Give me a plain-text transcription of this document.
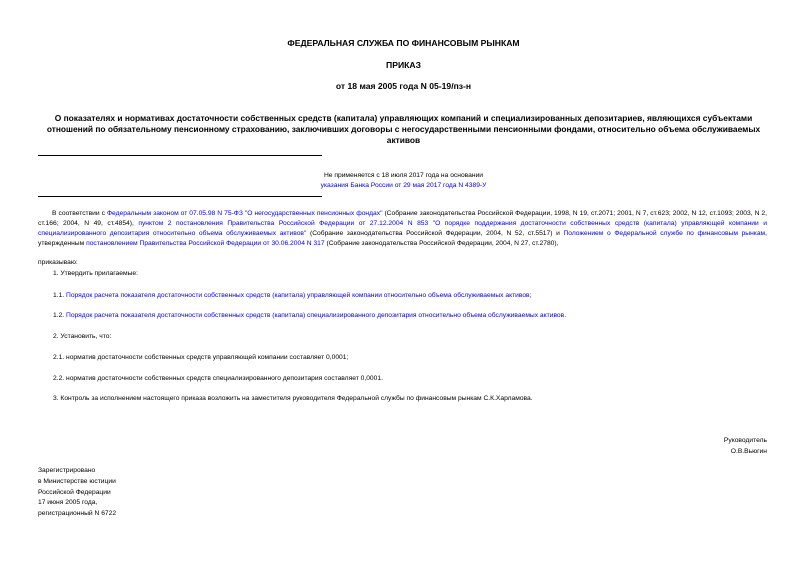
ФЕДЕРАЛЬНАЯ СЛУЖБА ПО ФИНАНСОВЫМ РЫНКАМ
ПРИКАЗ
от 18 мая 2005 года N 05-19/пз-н
О показателях и нормативах достаточности собственных средств (капитала) управляющих компаний и специализированных депозитариев, являющихся субъектами отношений по обязательному пенсионному страхованию, заключивших договоры с негосударственными пенсионными фондами, относительно объема обслуживаемых активов
Не применяется с 18 июля 2017 года на основании
указания Банка России от 29 мая 2017 года N 4389-У
В соответствии с Федеральным законом от 07.05.98 N 75-ФЗ "О негосударственных пенсионных фондах" (Собрание законодательства Российской Федерации, 1998, N 19, ст.2071; 2001, N 7, ст.623; 2002, N 12, ст.1093; 2003, N 2, ст.166; 2004, N 49, ст.4854), пунктом 2 постановления Правительства Российской Федерации от 27.12.2004 N 853 "О порядке поддержания достаточности собственных средств (капитала) управляющей компании и специализированного депозитария относительно объема обслуживаемых активов" (Собрание законодательства Российской Федерации, 2004, N 52, ст.5517) и Положением о Федеральной службе по финансовым рынкам, утвержденным постановлением Правительства Российской Федерации от 30.06.2004 N 317 (Собрание законодательства Российской Федерации, 2004, N 27, ст.2780),
приказываю:
1. Утвердить прилагаемые:
1.1. Порядок расчета показателя достаточности собственных средств (капитала) управляющей компании относительно объема обслуживаемых активов;
1.2. Порядок расчета показателя достаточности собственных средств (капитала) специализированного депозитария относительно объема обслуживаемых активов.
2. Установить, что:
2.1. норматив достаточности собственных средств управляющей компании составляет 0,0001;
2.2. норматив достаточности собственных средств специализированного депозитария составляет 0,0001.
3. Контроль за исполнением настоящего приказа возложить на заместителя руководителя Федеральной службы по финансовым рынкам С.К.Харламова.
Руководитель
О.В.Вьюгин
Зарегистрировано
в Министерстве юстиции
Российской Федерации
17 июня 2005 года,
регистрационный N 6722
